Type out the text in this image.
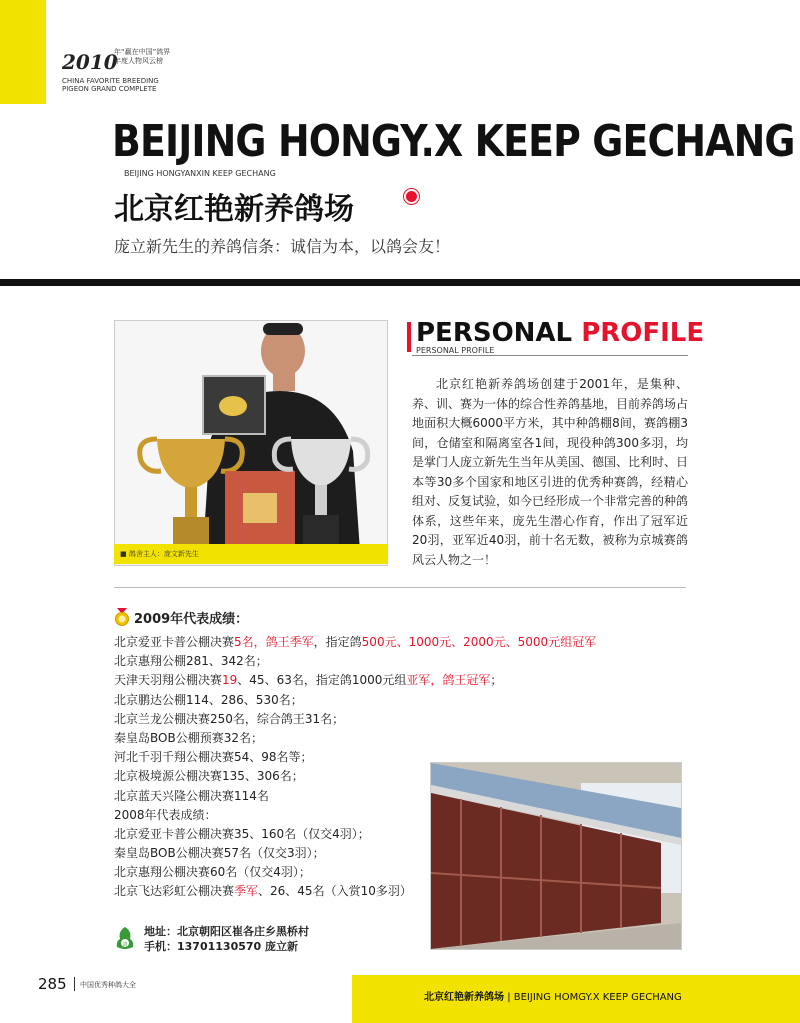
2010
年“赢在中国”鸽界
年度人物风云榜
CHINA FAVORITE BREEDING
PIGEON GRAND COMPLETE
BEIJING HONGY.X KEEP GECHANG
BEIJING HONGYANXIN KEEP GECHANG
北京红艳新养鸽场
庞立新先生的养鸽信条：诚信为本，以鸽会友！
■ 鸽舍主人：庞文新先生
PERSONAL PROFILE
PERSONAL PROFILE
北京红艳新养鸽场创建于2001年，是集种、养、训、赛为一体的综合性养鸽基地，目前养鸽场占地面积大概6000平方米，其中种鸽棚8间，赛鸽棚3间，仓储室和隔离室各1间，现役种鸽300多羽，均是掌门人庞立新先生当年从美国、德国、比利时、日本等30多个国家和地区引进的优秀种赛鸽，经精心组对、反复试验，如今已经形成一个非常完善的种鸽体系，这些年来，庞先生潜心作育，作出了冠军近20羽，亚军近40羽，前十名无数，被称为京城赛鸽风云人物之一！
2009年代表成绩：
北京爱亚卡普公棚决赛5名，鸽王季军，指定鸽500元、1000元、2000元、5000元组冠军
北京惠翔公棚281、342名；
天津天羽翔公棚决赛19、45、63名，指定鸽1000元组亚军，鸽王冠军；
北京鹏达公棚114、286、530名；
北京兰龙公棚决赛250名，综合鸽王31名；
秦皇岛BOB公棚预赛32名；
河北千羽千翔公棚决赛54、98名等；
北京极境源公棚决赛135、306名；
北京蓝天兴隆公棚决赛114名
2008年代表成绩：
北京爱亚卡普公棚决赛35、160名（仅交4羽）；
秦皇岛BOB公棚决赛57名（仅交3羽）；
北京惠翔公棚决赛60名（仅交4羽）；
北京飞达彩虹公棚决赛季军、26、45名（入赏10多羽）
鸽
地址：北京朝阳区崔各庄乡黑桥村
手机：13701130570 庞立新
285 中国优秀种鸽大全
北京红艳新养鸽场 | BEIJING HOMGY.X KEEP GECHANG
